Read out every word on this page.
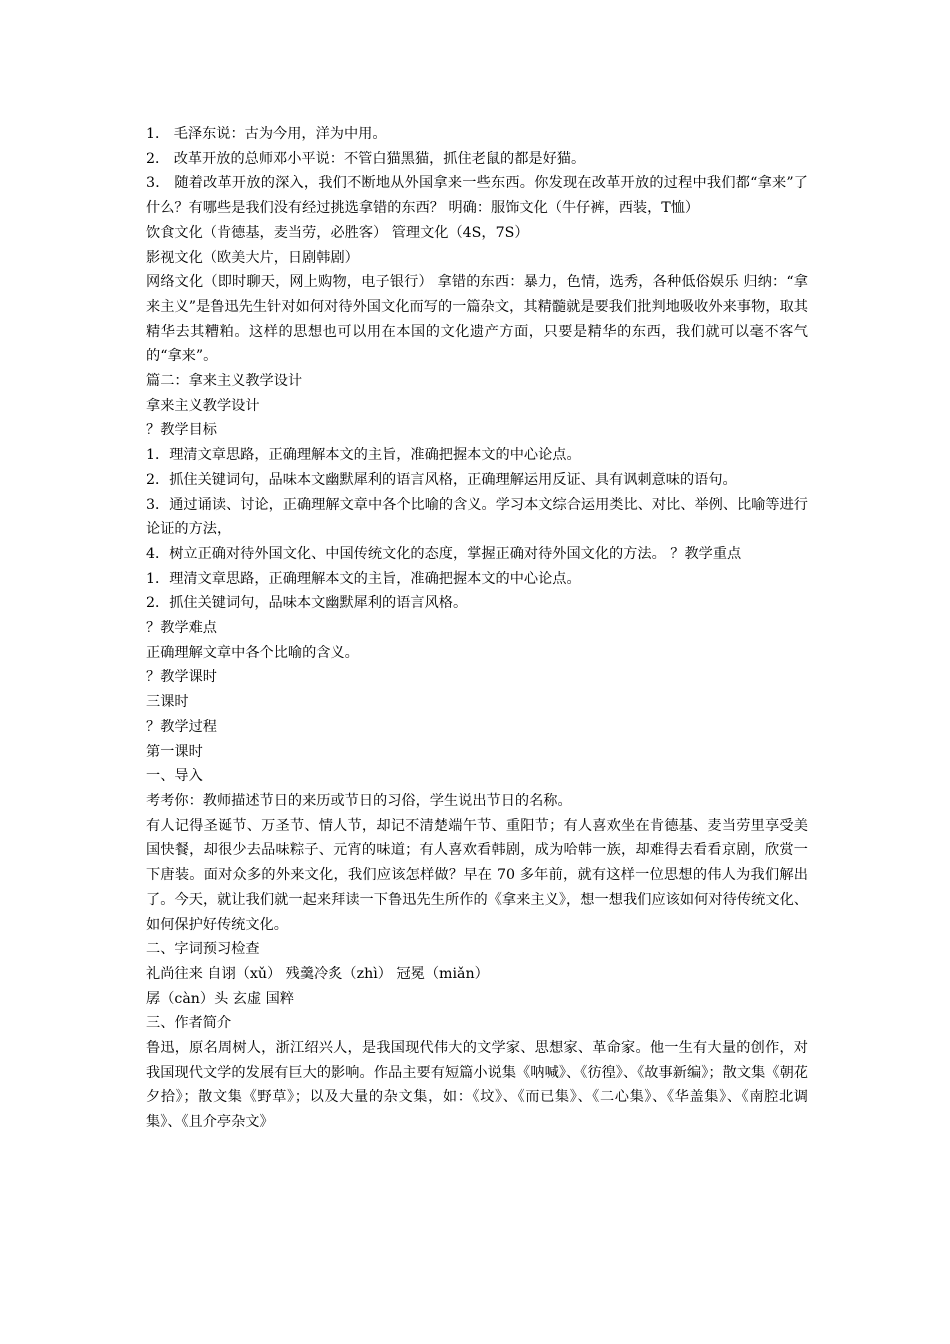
1． 毛泽东说：古为今用，洋为中用。

2． 改革开放的总师邓小平说：不管白猫黑猫，抓住老鼠的都是好猫。

3． 随着改革开放的深入，我们不断地从外国拿来一些东西。你发现在改革开放的过程中我们都“拿来”了什么？有哪些是我们没有经过挑选拿错的东西？ 明确：服饰文化（牛仔裤，西装，T恤）

饮食文化（肯德基，麦当劳，必胜客） 管理文化（4S，7S）

影视文化（欧美大片，日剧韩剧）

网络文化（即时聊天，网上购物，电子银行） 拿错的东西：暴力，色情，选秀，各种低俗娱乐 归纳：“拿来主义”是鲁迅先生针对如何对待外国文化而写的一篇杂文，其精髓就是要我们批判地吸收外来事物，取其精华去其糟粕。这样的思想也可以用在本国的文化遗产方面，只要是精华的东西，我们就可以毫不客气的“拿来”。

篇二：拿来主义教学设计

拿来主义教学设计

？教学目标

1．理清文章思路，正确理解本文的主旨，准确把握本文的中心论点。

2．抓住关键词句，品味本文幽默犀利的语言风格，正确理解运用反证、具有讽刺意味的语句。

3．通过诵读、讨论，正确理解文章中各个比喻的含义。学习本文综合运用类比、对比、举例、比喻等进行论证的方法，

4．树立正确对待外国文化、中国传统文化的态度，掌握正确对待外国文化的方法。 ？教学重点

1．理清文章思路，正确理解本文的主旨，准确把握本文的中心论点。

2．抓住关键词句，品味本文幽默犀利的语言风格。

？教学难点

正确理解文章中各个比喻的含义。

？教学课时

三课时

？教学过程

第一课时

一、导入

考考你：教师描述节日的来历或节日的习俗，学生说出节日的名称。

有人记得圣诞节、万圣节、情人节，却记不清楚端午节、重阳节；有人喜欢坐在肯德基、麦当劳里享受美国快餐，却很少去品味粽子、元宵的味道；有人喜欢看韩剧，成为哈韩一族，却难得去看看京剧，欣赏一下唐装。面对众多的外来文化，我们应该怎样做？早在 70 多年前，就有这样一位思想的伟人为我们解出了。今天，就让我们就一起来拜读一下鲁迅先生所作的《拿来主义》，想一想我们应该如何对待传统文化、如何保护好传统文化。

二、字词预习检查

礼尚往来 自诩（xǔ） 残羹冷炙（zhì） 冠冕（miǎn）

孱（càn）头 玄虚 国粹

三、作者简介

鲁迅，原名周树人，浙江绍兴人，是我国现代伟大的文学家、思想家、革命家。他一生有大量的创作，对我国现代文学的发展有巨大的影响。作品主要有短篇小说集《呐喊》、《彷徨》、《故事新编》；散文集《朝花夕拾》；散文集《野草》；以及大量的杂文集，如：《坟》、《而已集》、《二心集》、《华盖集》、《南腔北调集》、《且介亭杂文》
